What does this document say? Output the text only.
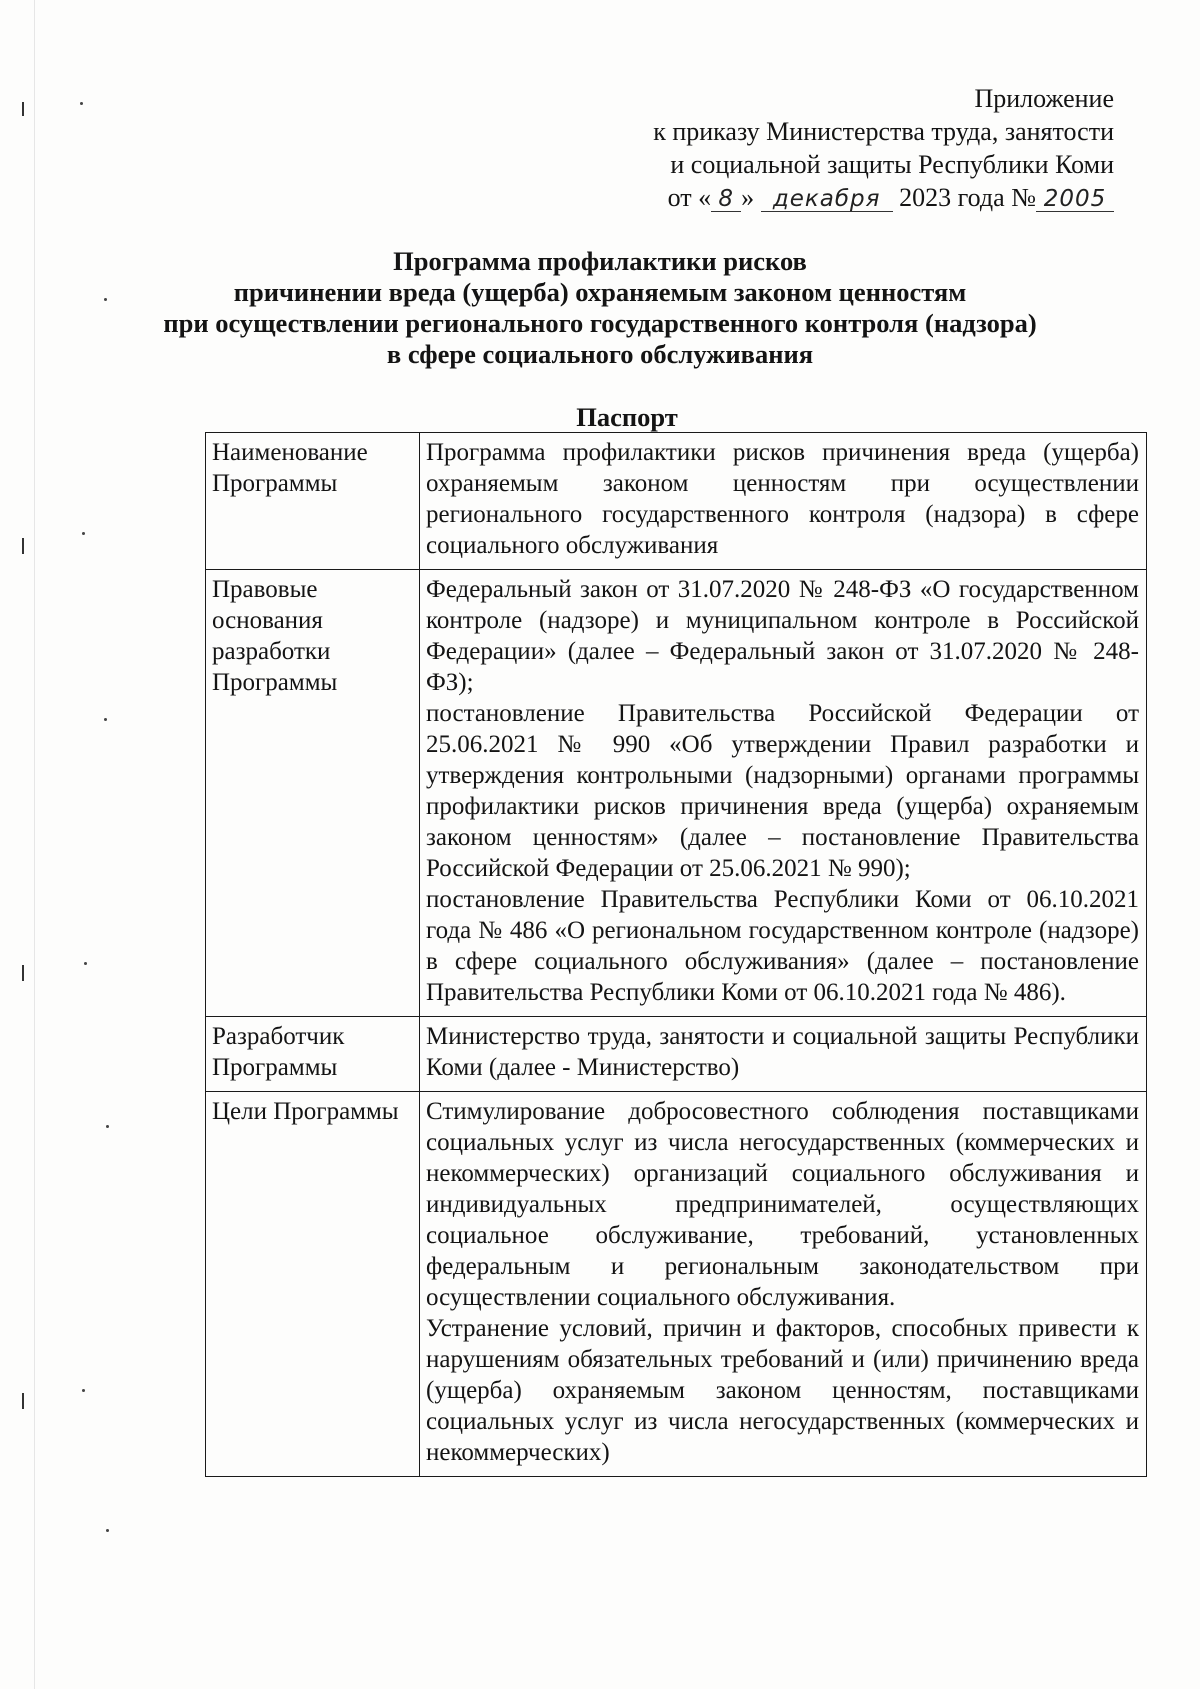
Приложение
к приказу Министерства труда, занятости
и социальной защиты Республики Коми
от « 8 » декабря 2023 года № 2005
Программа профилактики рисков
причинении вреда (ущерба) охраняемым законом ценностям
при осуществлении регионального государственного контроля (надзора)
в сфере социального обслуживания
Паспорт
Наименование Программы	Программа профилактики рисков причинения вреда (ущерба) охраняемым законом ценностям при осуществлении регионального государственного контроля (надзора) в сфере социального обслуживания

Правовые основания разработки Программы	Федеральный закон от 31.07.2020 № 248-ФЗ «О государственном контроле (надзоре) и муниципальном контроле в Российской Федерации» (далее – Федеральный закон от 31.07.2020 № 248-ФЗ);
постановление Правительства Российской Федерации от 25.06.2021 № 990 «Об утверждении Правил разработки и утверждения контрольными (надзорными) органами программы профилактики рисков причинения вреда (ущерба) охраняемым законом ценностям» (далее – постановление Правительства Российской Федерации от 25.06.2021 № 990);
постановление Правительства Республики Коми от 06.10.2021 года № 486 «О региональном государственном контроле (надзоре) в сфере социального обслуживания» (далее – постановление Правительства Республики Коми от 06.10.2021 года № 486).

Разработчик Программы	Министерство труда, занятости и социальной защиты Республики Коми (далее - Министерство)

Цели Программы	Стимулирование добросовестного соблюдения поставщиками социальных услуг из числа негосударственных (коммерческих и некоммерческих) организаций социального обслуживания и индивидуальных предпринимателей, осуществляющих социальное обслуживание, требований, установленных федеральным и региональным законодательством при осуществлении социального обслуживания.
Устранение условий, причин и факторов, способных привести к нарушениям обязательных требований и (или) причинению вреда (ущерба) охраняемым законом ценностям, поставщиками социальных услуг из числа негосударственных (коммерческих и некоммерческих)
